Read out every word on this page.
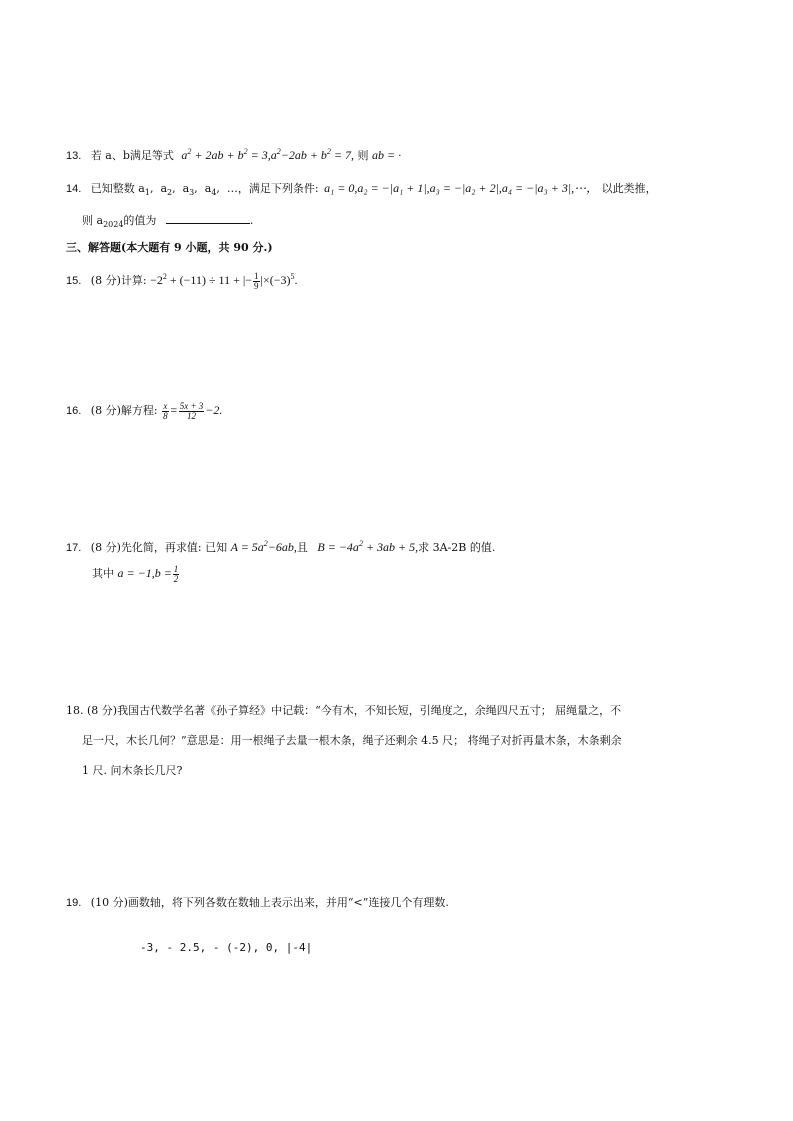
13. 若 a、b满足等式 $a^2 + 2ab + b^2 = 3,a^2-2ab + b^2 = 7$, 则 ab = ·
14. 已知整数 $a_1$,  $a_2$,  $a_3$,  $a_4$,  …，满足下列条件: a₁ = 0,a₂ = −|a₁ + 1|,a₃ = −|a₂ + 2|,a₄ = −|a₃ + 3|,⋯， 以此类推，
则 $a_{2024}$的值为	.
三、解答题(本大题有 9 小题，共 90 分.)
15. (8 分)计算: $-2^2 + (-11) \div 11$ + |− $\frac{1}{9} |\times(-3)^5$.
16. (8 分)解方程: $\frac{x}{8} = \frac{5x + 3}{12} -2$.
17. (8 分)先化简，再求值: 已知 $A = 5a^2-6ab$,且 $B = -4a^2 + 3ab + 5$,求 3A-2B 的值.
其中 $a = -1,b = \frac{1}{2}$
18. (8 分)我国古代数学名著《孙子算经》中记载：“今有木，不知长短，引绳度之，余绳四尺五寸； 屈绳量之，不
足一尺，木长几何？”意思是：用一根绳子去量一根木条，绳子还剩余 4.5 尺； 将绳子对折再量木条，木条剩余
1 尺. 问木条长几尺?
19. (10 分)画数轴，将下列各数在数轴上表示出来，并用“<”连接几个有理数.
-3, - 2.5, - (-2), 0, |-4|
